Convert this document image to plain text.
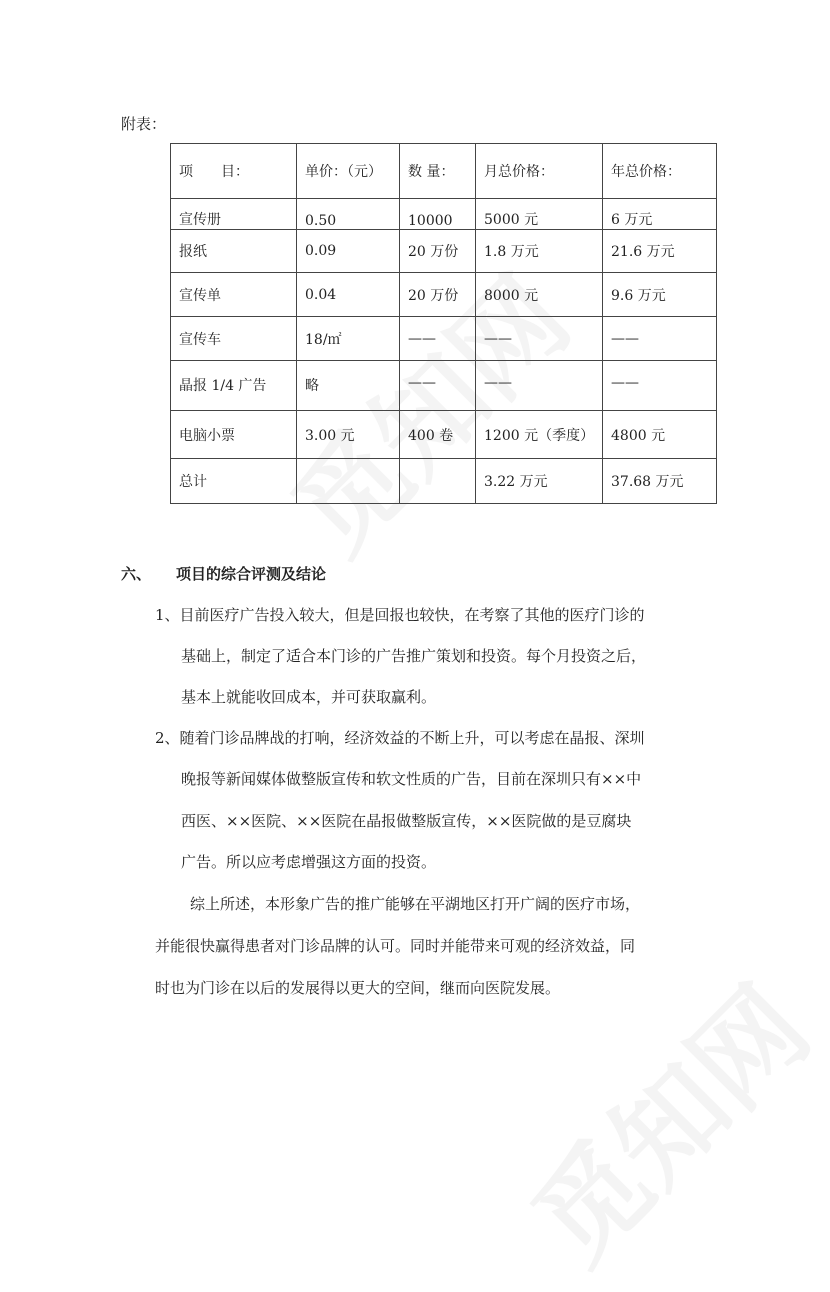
附表：
项　　目：	单价：（元）	数 量：	月总价格：	年总价格：
宣传册	0.50	10000	5000 元	6 万元
报纸	0.09	20 万份	1.8 万元	21.6 万元
宣传单	0.04	20 万份	8000 元	9.6 万元
宣传车	18/㎡	——	——	——
晶报 1/4 广告	略	——	——	——
电脑小票	3.00 元	400 卷	1200 元（季度）	4800 元
总计			3.22 万元	37.68 万元
六、 项目的综合评测及结论
1、目前医疗广告投入较大，但是回报也较快，在考察了其他的医疗门诊的
基础上，制定了适合本门诊的广告推广策划和投资。每个月投资之后，
基本上就能收回成本，并可获取赢利。
2、随着门诊品牌战的打响，经济效益的不断上升，可以考虑在晶报、深圳
晚报等新闻媒体做整版宣传和软文性质的广告，目前在深圳只有××中
西医、××医院、××医院在晶报做整版宣传，××医院做的是豆腐块
广告。所以应考虑增强这方面的投资。
综上所述，本形象广告的推广能够在平湖地区打开广阔的医疗市场，
并能很快赢得患者对门诊品牌的认可。同时并能带来可观的经济效益，同
时也为门诊在以后的发展得以更大的空间，继而向医院发展。
